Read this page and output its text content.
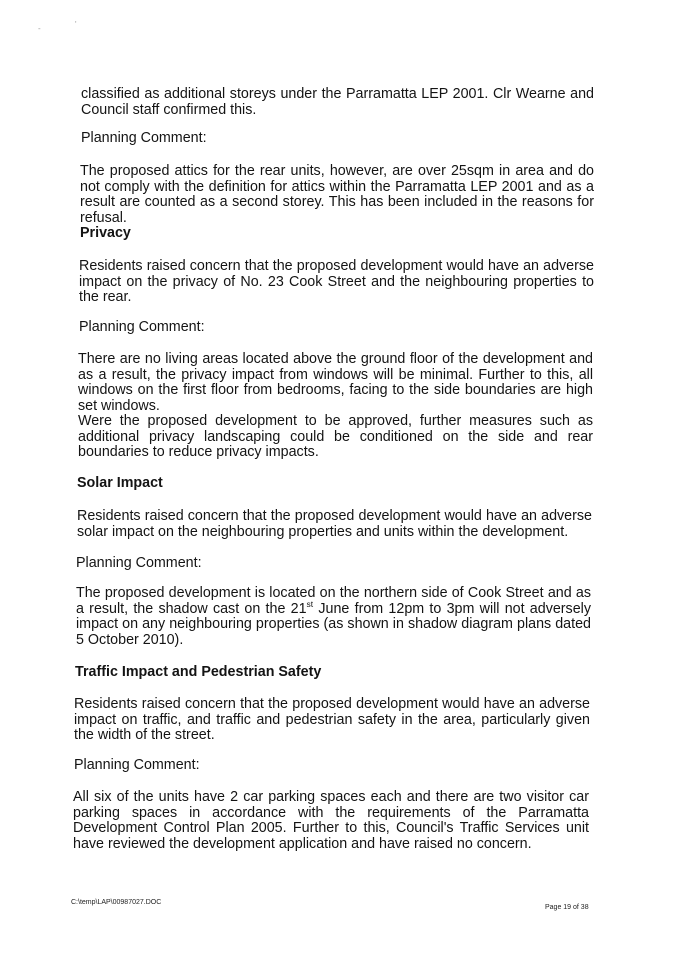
-	'

classified as additional storeys under the Parramatta LEP 2001. Clr Wearne and Council staff confirmed this.

Planning Comment:

The proposed attics for the rear units, however, are over 25sqm in area and do not comply with the definition for attics within the Parramatta LEP 2001 and as a result are counted as a second storey. This has been included in the reasons for refusal.

Privacy

Residents raised concern that the proposed development would have an adverse impact on the privacy of No. 23 Cook Street and the neighbouring properties to the rear.

Planning Comment:

There are no living areas located above the ground floor of the development and as a result, the privacy impact from windows will be minimal. Further to this, all windows on the first floor from bedrooms, facing to the side boundaries are high set windows.

Were the proposed development to be approved, further measures such as additional privacy landscaping could be conditioned on the side and rear boundaries to reduce privacy impacts.

Solar Impact

Residents raised concern that the proposed development would have an adverse solar impact on the neighbouring properties and units within the development.

Planning Comment:

The proposed development is located on the northern side of Cook Street and as a result, the shadow cast on the 21st June from 12pm to 3pm will not adversely impact on any neighbouring properties (as shown in shadow diagram plans dated 5 October 2010).

Traffic Impact and Pedestrian Safety

Residents raised concern that the proposed development would have an adverse impact on traffic, and traffic and pedestrian safety in the area, particularly given the width of the street.

Planning Comment:

All six of the units have 2 car parking spaces each and there are two visitor car parking spaces in accordance with the requirements of the Parramatta Development Control Plan 2005. Further to this, Council's Traffic Services unit have reviewed the development application and have raised no concern.

C:\temp\LAP\00987027.DOC
Page 19 of 38
